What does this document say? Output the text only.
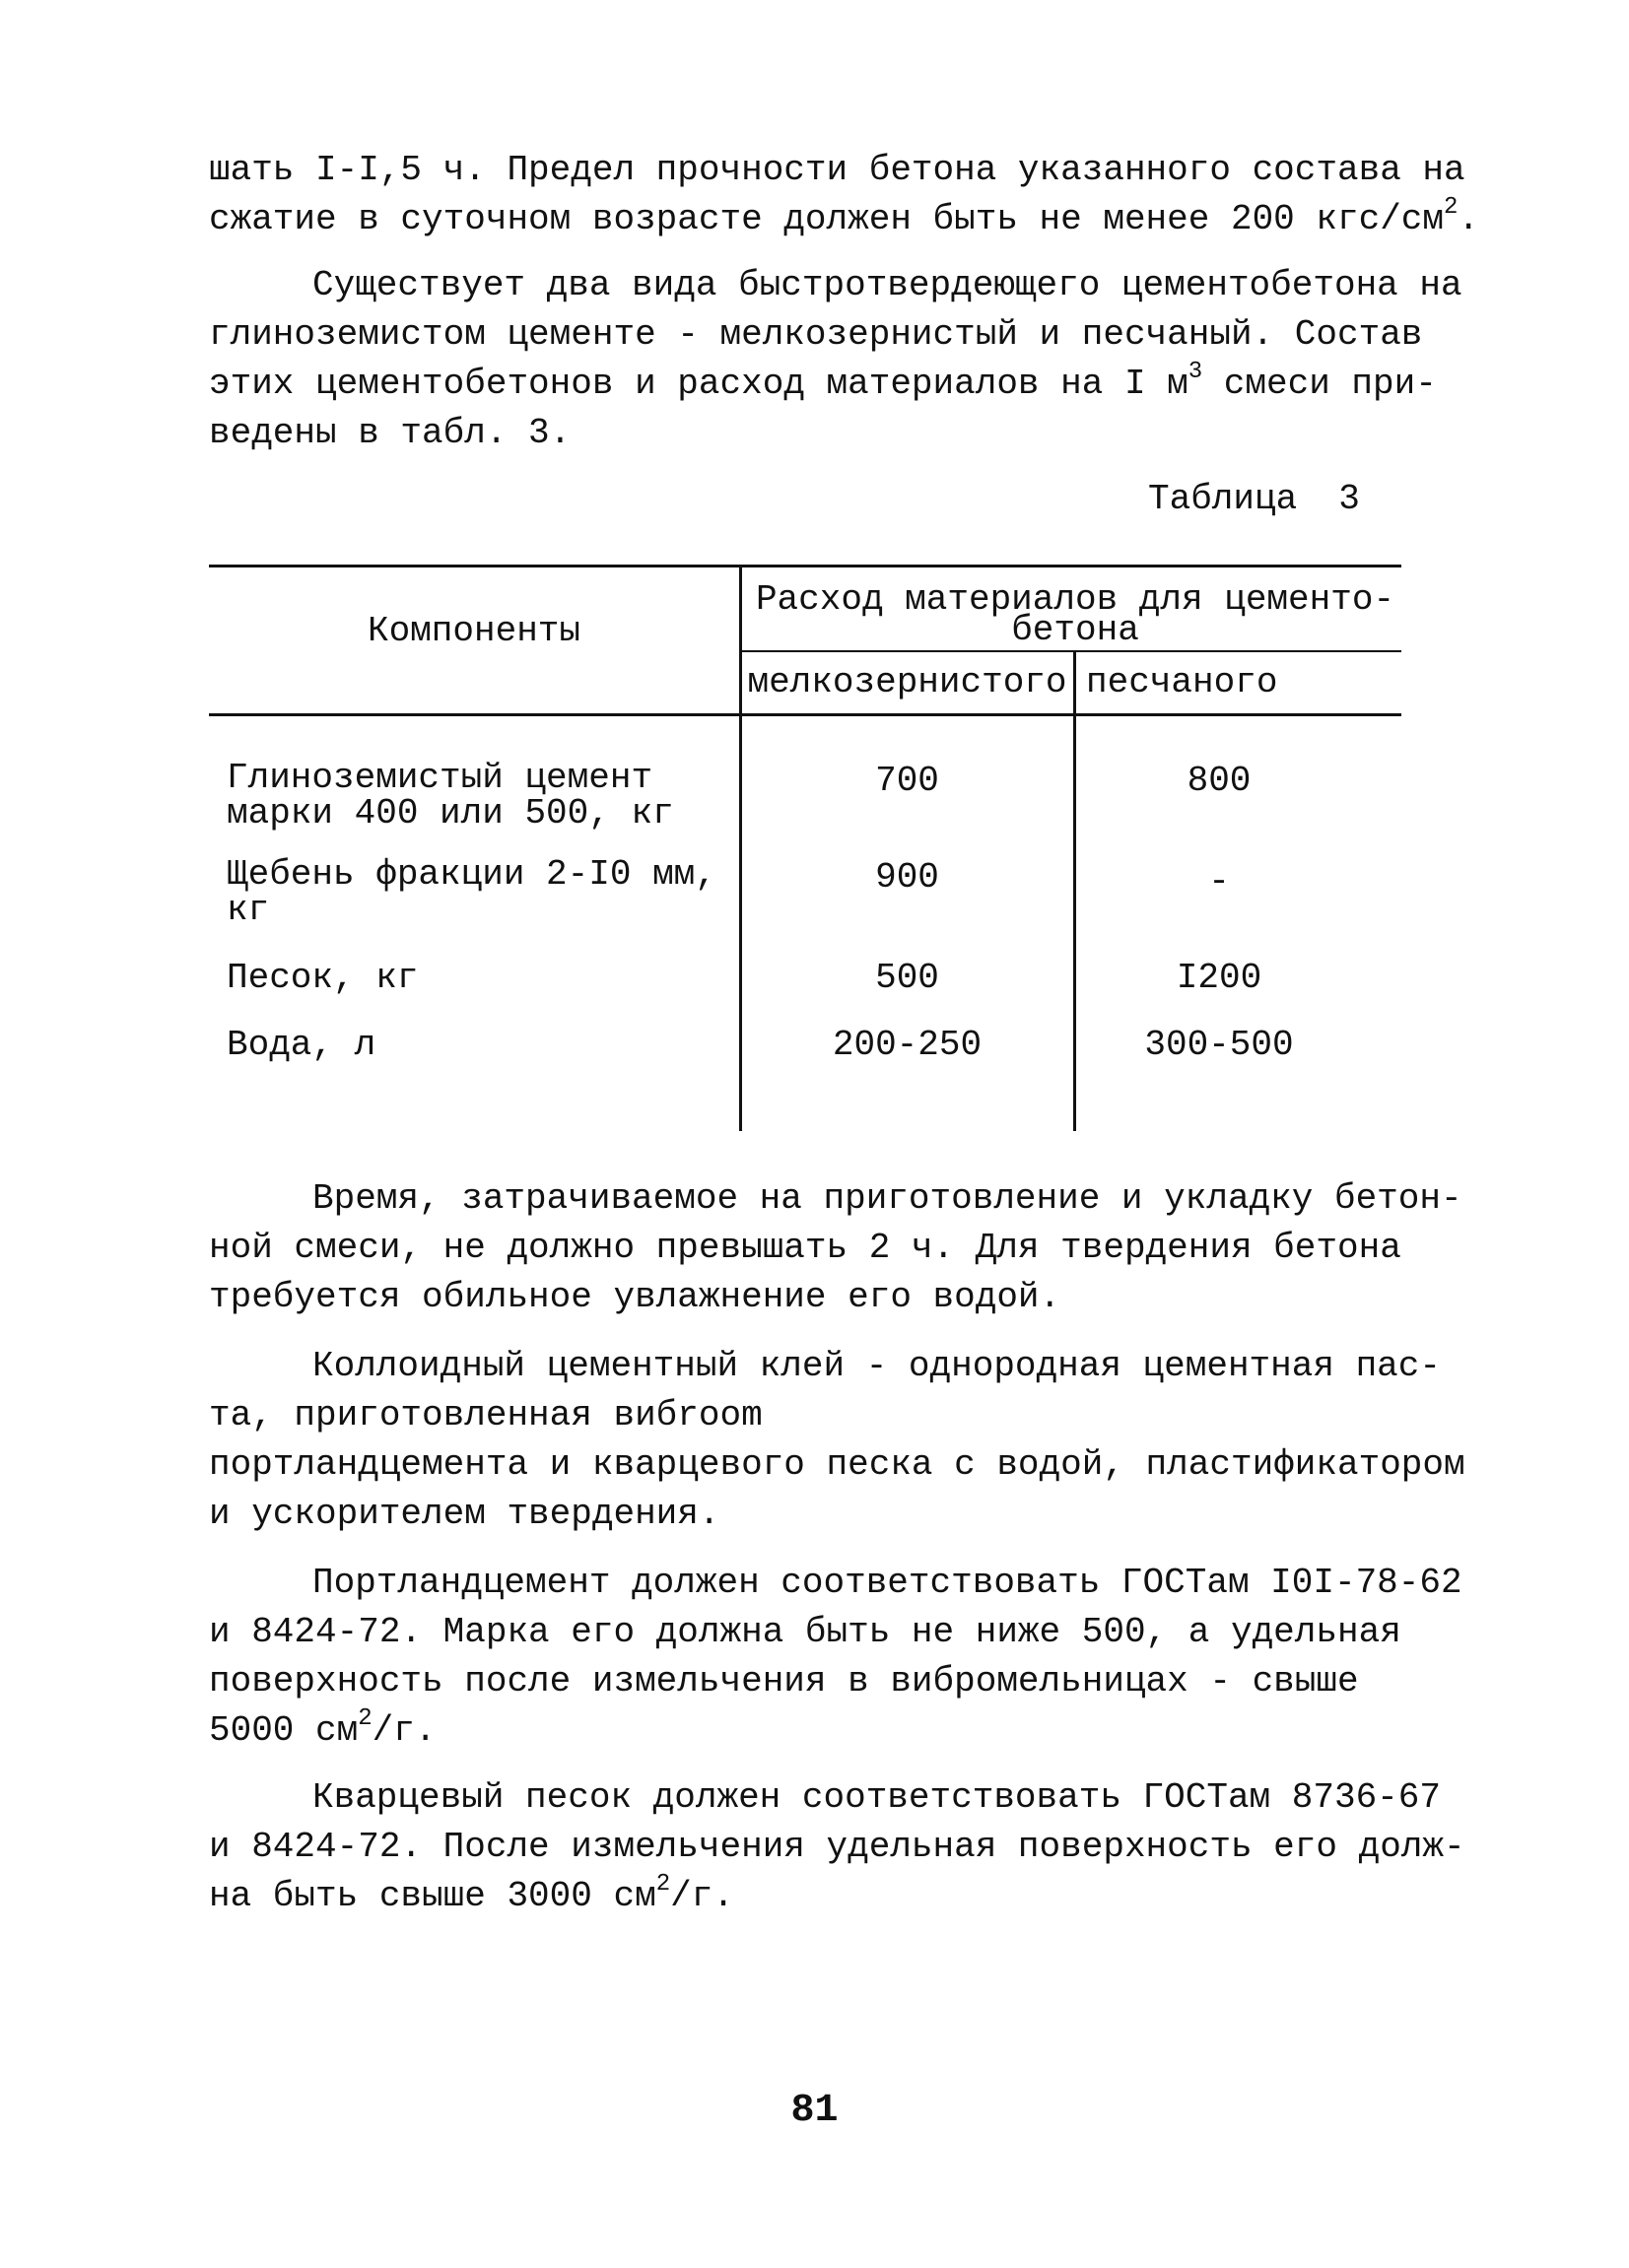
шать I-I,5 ч. Предел прочности бетона указанного состава на
сжатие в суточном возрасте должен быть не менее 200 кгс/$см^2$.
Существует два вида быстротвердеющего цементобетона на
глиноземистом цементе - мелкозернистый и песчаный. Состав
этих цементобетонов и расход материалов на I $м^3$ смеси при-
ведены в табл. 3.
Таблица 3
Компоненты
Расход материалов для цементо-
бетона
мелкозернистого песчаного
Глиноземистый цемент
марки 400 или 500, кг
700	800
Щебень фракции 2-I0 мм,
кг
900	-
Песок, кг	500	I200
Вода, л	200-250	300-500
Время, затрачиваемое на приготовление и укладку бетон-
ной смеси, не должно превышать 2 ч. Для твердения бетона
требуется обильное увлажнение его водой.
Коллоидный цементный клей - однородная цементная пас-
та, приготовленная вибroom
портландцемента и кварцевого песка с водой, пластификатором
и ускорителем твердения.
Портландцемент должен соответствовать ГОСТам I0I-78-62
и 8424-72. Марка его должна быть не ниже 500, а удельная
поверхность после измельчения в вибромельницах - свыше
5000 $см^2/г$.
Кварцевый песок должен соответствовать ГОСТам 8736-67
и 8424-72. После измельчения удельная поверхность его долж-
на быть свыше 3000 $см^2/г$.
81
